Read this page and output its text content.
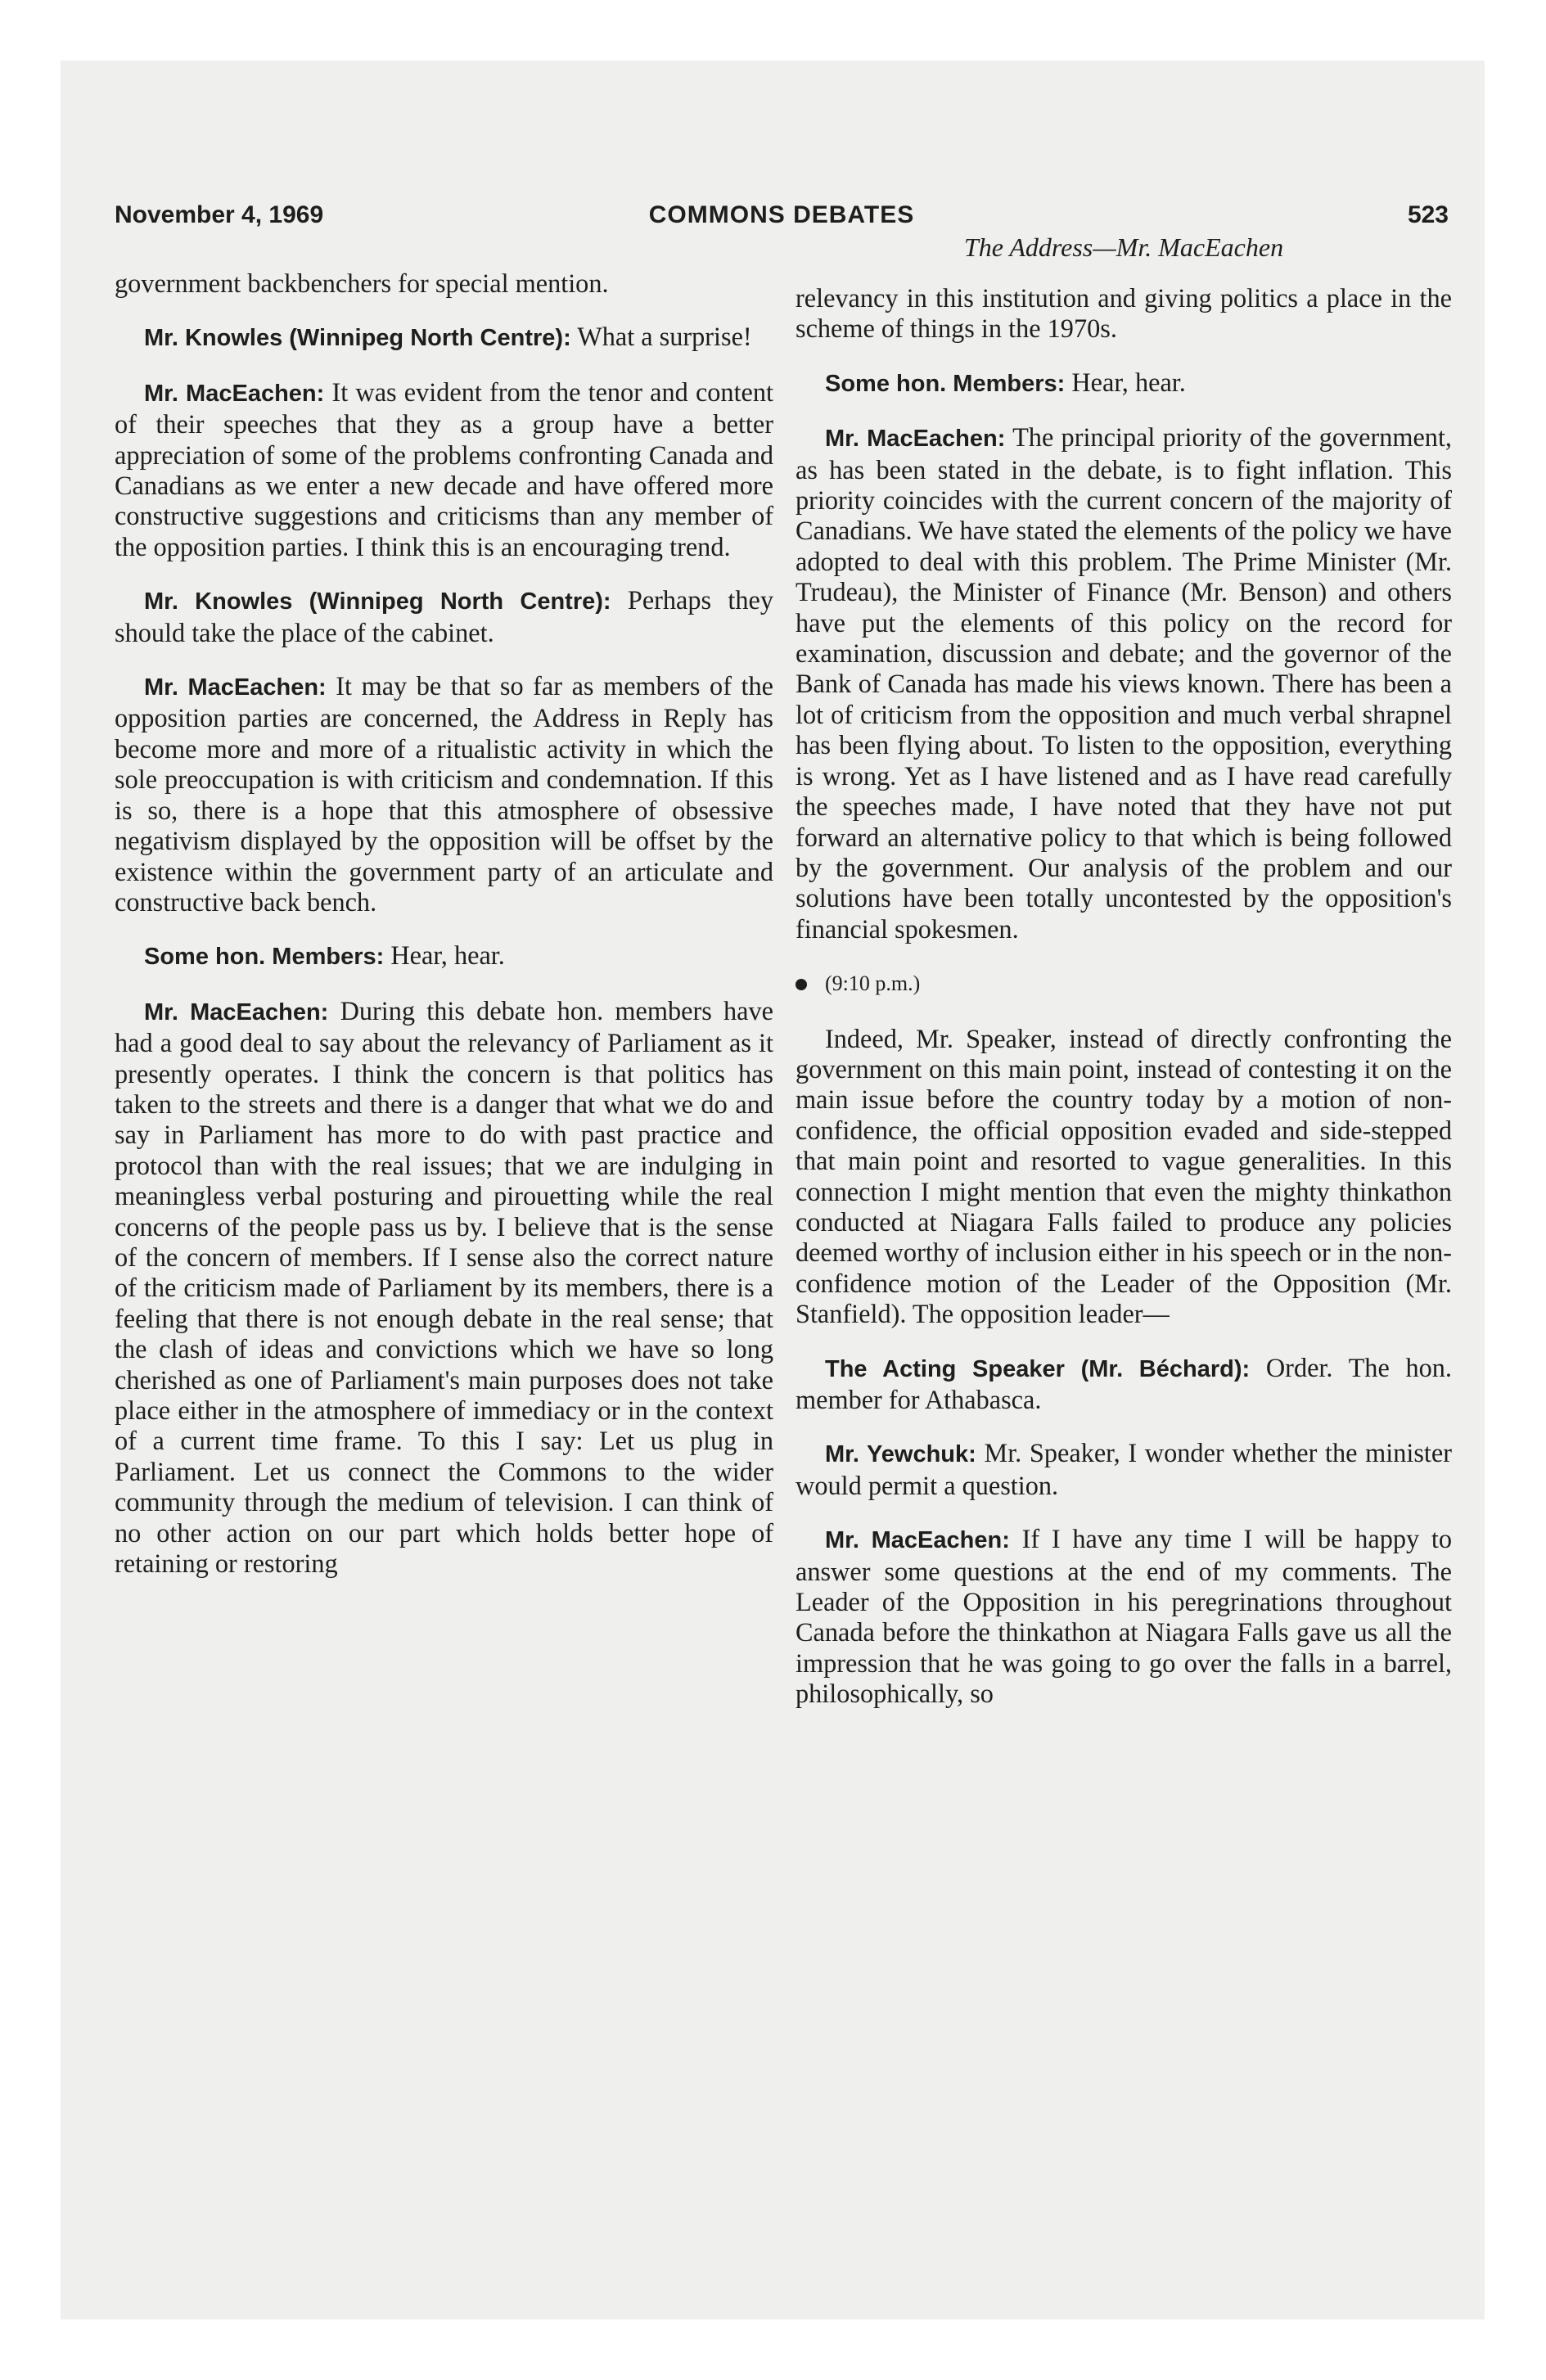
November 4, 1969	COMMONS DEBATES	523
The Address—Mr. MacEachen

government backbenchers for special mention.

Mr. Knowles (Winnipeg North Centre): What a surprise!

Mr. MacEachen: It was evident from the tenor and content of their speeches that they as a group have a better appreciation of some of the problems confronting Canada and Canadians as we enter a new decade and have offered more constructive suggestions and criticisms than any member of the opposition parties. I think this is an encouraging trend.

Mr. Knowles (Winnipeg North Centre): Perhaps they should take the place of the cabinet.

Mr. MacEachen: It may be that so far as members of the opposition parties are concerned, the Address in Reply has become more and more of a ritualistic activity in which the sole preoccupation is with criticism and condemnation. If this is so, there is a hope that this atmosphere of obsessive negativism displayed by the opposition will be offset by the existence within the government party of an articulate and constructive back bench.

Some hon. Members: Hear, hear.

Mr. MacEachen: During this debate hon. members have had a good deal to say about the relevancy of Parliament as it presently operates. I think the concern is that politics has taken to the streets and there is a danger that what we do and say in Parliament has more to do with past practice and protocol than with the real issues; that we are indulging in meaningless verbal posturing and pirouetting while the real concerns of the people pass us by. I believe that is the sense of the concern of members. If I sense also the correct nature of the criticism made of Parliament by its members, there is a feeling that there is not enough debate in the real sense; that the clash of ideas and convictions which we have so long cherished as one of Parliament's main purposes does not take place either in the atmosphere of immediacy or in the context of a current time frame. To this I say: Let us plug in Parliament. Let us connect the Commons to the wider community through the medium of television. I can think of no other action on our part which holds better hope of retaining or restoring

relevancy in this institution and giving politics a place in the scheme of things in the 1970s.

Some hon. Members: Hear, hear.

Mr. MacEachen: The principal priority of the government, as has been stated in the debate, is to fight inflation. This priority coincides with the current concern of the majority of Canadians. We have stated the elements of the policy we have adopted to deal with this problem. The Prime Minister (Mr. Trudeau), the Minister of Finance (Mr. Benson) and others have put the elements of this policy on the record for examination, discussion and debate; and the governor of the Bank of Canada has made his views known. There has been a lot of criticism from the opposition and much verbal shrapnel has been flying about. To listen to the opposition, everything is wrong. Yet as I have listened and as I have read carefully the speeches made, I have noted that they have not put forward an alternative policy to that which is being followed by the government. Our analysis of the problem and our solutions have been totally uncontested by the opposition's financial spokesmen.

(9:10 p.m.)

Indeed, Mr. Speaker, instead of directly confronting the government on this main point, instead of contesting it on the main issue before the country today by a motion of non-confidence, the official opposition evaded and side-stepped that main point and resorted to vague generalities. In this connection I might mention that even the mighty thinkathon conducted at Niagara Falls failed to produce any policies deemed worthy of inclusion either in his speech or in the non-confidence motion of the Leader of the Opposition (Mr. Stanfield). The opposition leader—

The Acting Speaker (Mr. Béchard): Order. The hon. member for Athabasca.

Mr. Yewchuk: Mr. Speaker, I wonder whether the minister would permit a question.

Mr. MacEachen: If I have any time I will be happy to answer some questions at the end of my comments. The Leader of the Opposition in his peregrinations throughout Canada before the thinkathon at Niagara Falls gave us all the impression that he was going to go over the falls in a barrel, philosophically, so
